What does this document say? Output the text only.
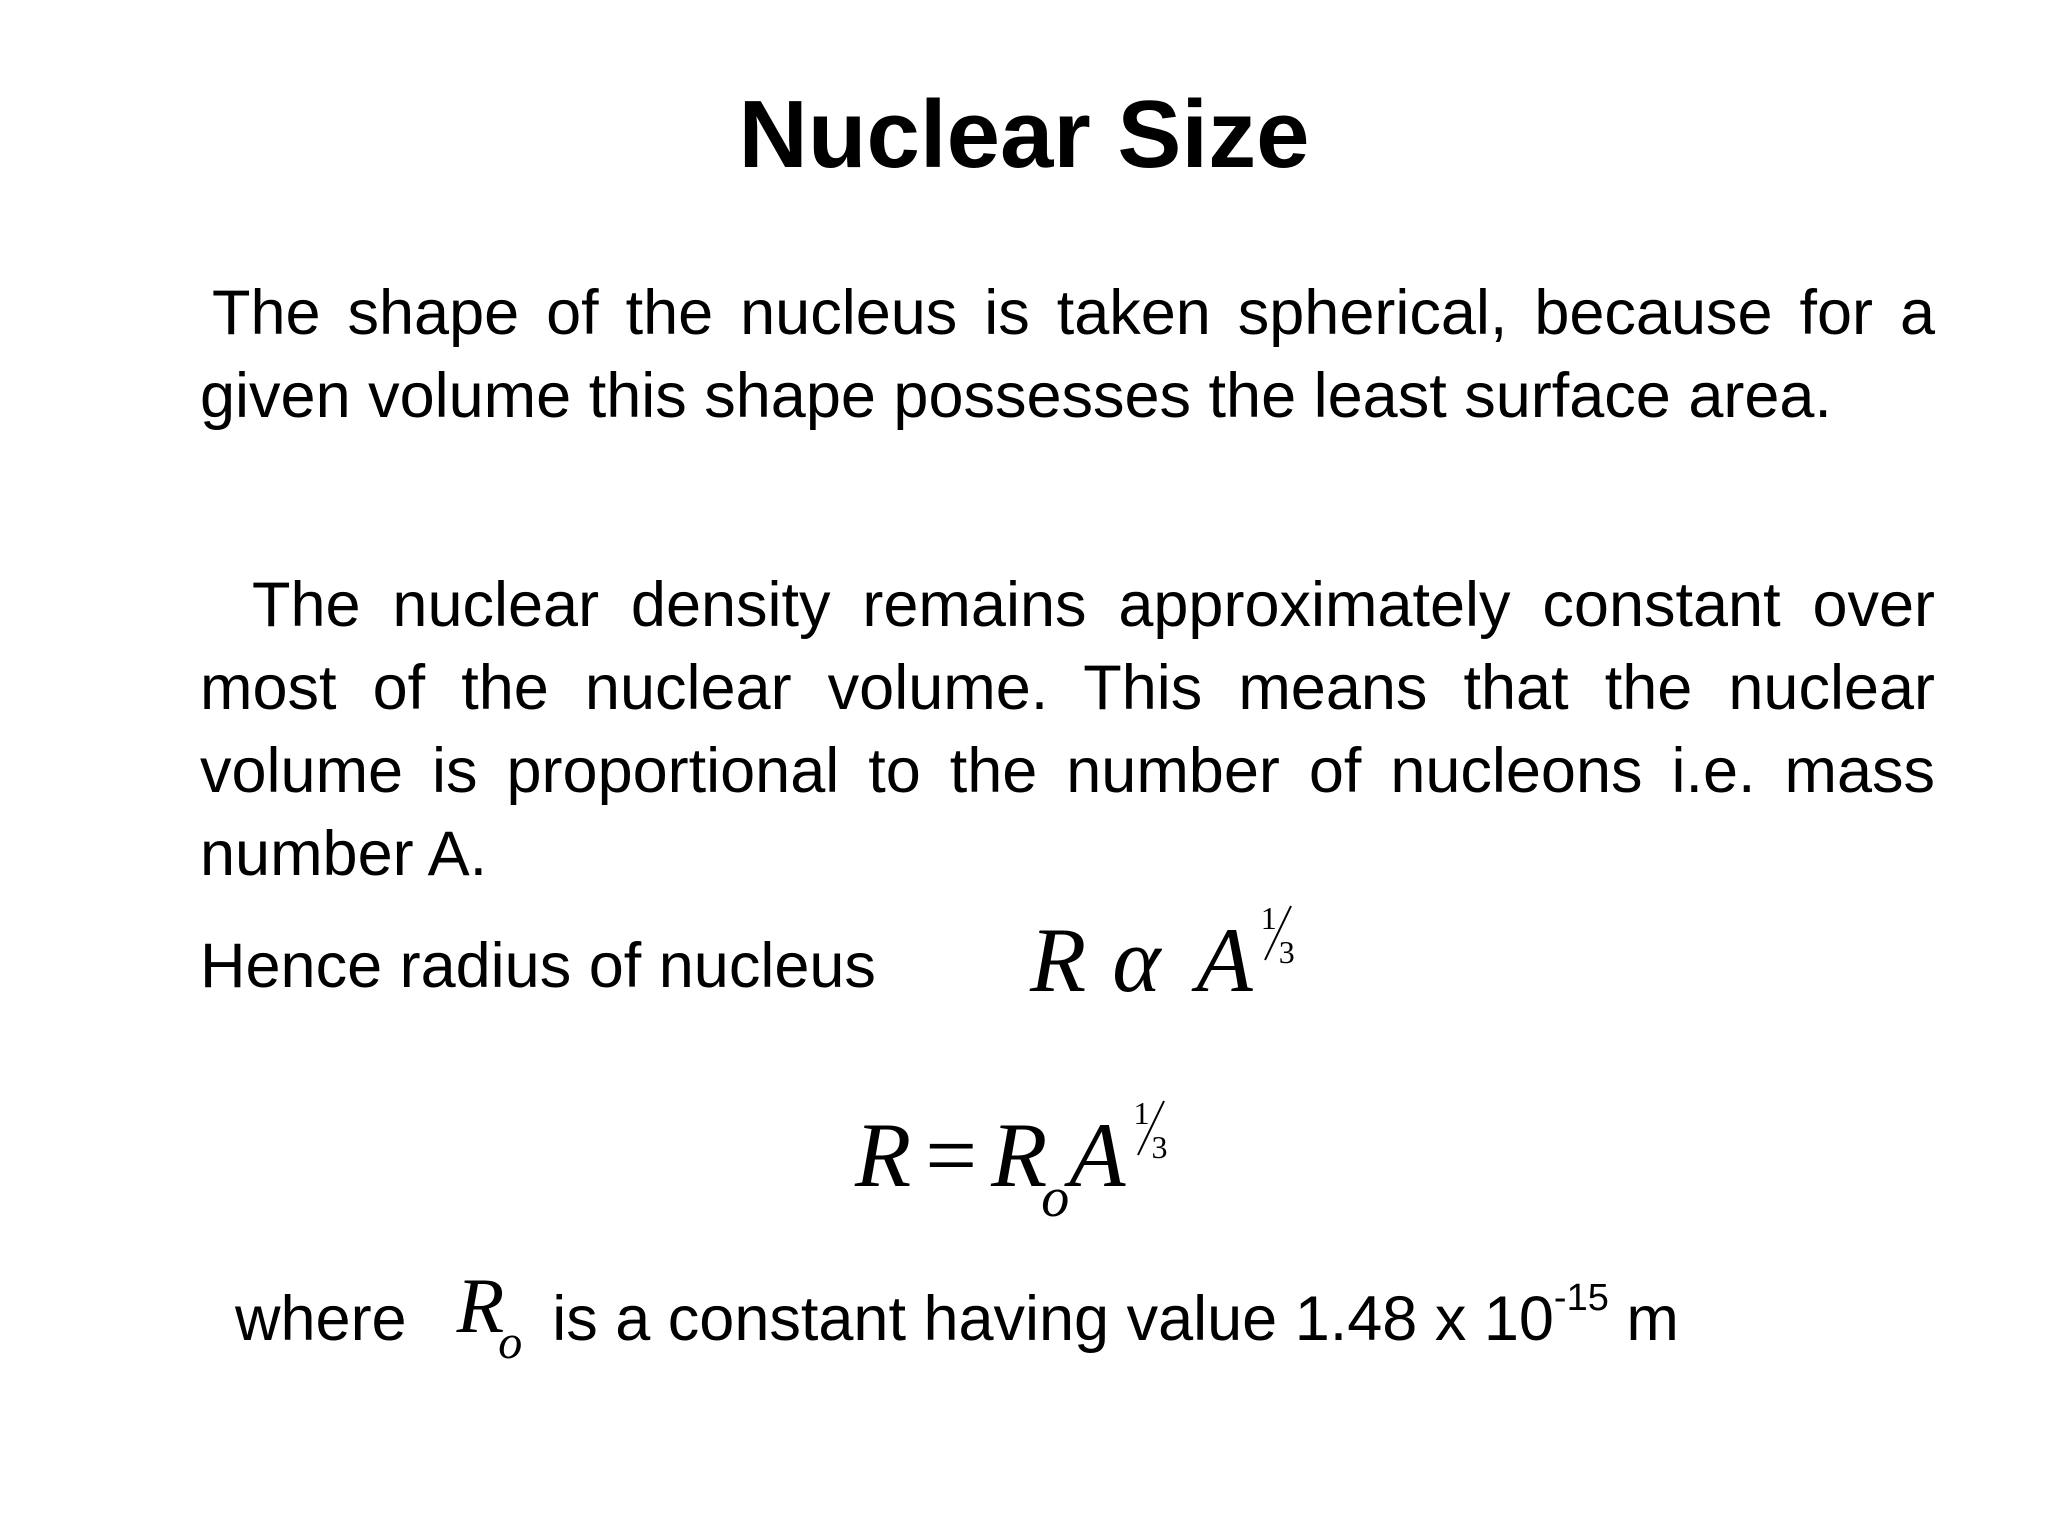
Nuclear Size

The shape of the nucleus is taken spherical, because for a given volume this shape possesses the least surface area.

The nuclear density remains approximately constant over most of the nuclear volume. This means that the nuclear volume is proportional to the number of nucleons i.e. mass number A.

Hence radius of nucleus R α A 1
3
$R = R_oA$ 1
3

where $R_o$ is a constant having value 1.48 x $10^{-15}$ m
